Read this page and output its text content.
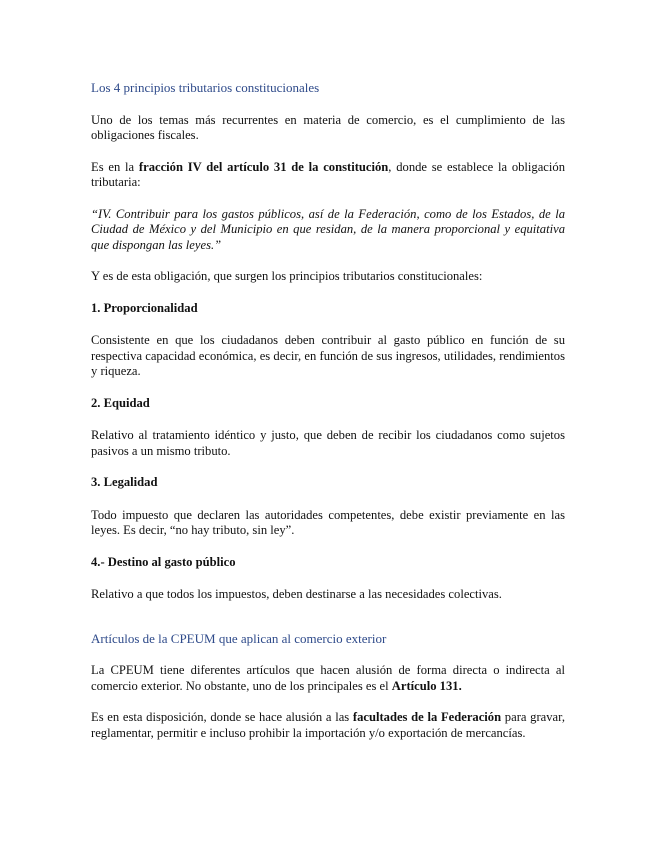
Los 4 principios tributarios constitucionales

Uno de los temas más recurrentes en materia de comercio, es el cumplimiento de las obligaciones fiscales.

Es en la fracción IV del artículo 31 de la constitución, donde se establece la obligación tributaria:

“IV. Contribuir para los gastos públicos, así de la Federación, como de los Estados, de la Ciudad de México y del Municipio en que residan, de la manera proporcional y equitativa que dispongan las leyes.”

Y es de esta obligación, que surgen los principios tributarios constitucionales:

1. Proporcionalidad

Consistente en que los ciudadanos deben contribuir al gasto público en función de su respectiva capacidad económica, es decir, en función de sus ingresos, utilidades, rendimientos y riqueza.

2. Equidad

Relativo al tratamiento idéntico y justo, que deben de recibir los ciudadanos como sujetos pasivos a un mismo tributo.

3. Legalidad

Todo impuesto que declaren las autoridades competentes, debe existir previamente en las leyes. Es decir, “no hay tributo, sin ley”.

4.- Destino al gasto público

Relativo a que todos los impuestos, deben destinarse a las necesidades colectivas.

Artículos de la CPEUM que aplican al comercio exterior

La CPEUM tiene diferentes artículos que hacen alusión de forma directa o indirecta al comercio exterior. No obstante, uno de los principales es el Artículo 131.

Es en esta disposición, donde se hace alusión a las facultades de la Federación para gravar, reglamentar, permitir e incluso prohibir la importación y/o exportación de mercancías.
